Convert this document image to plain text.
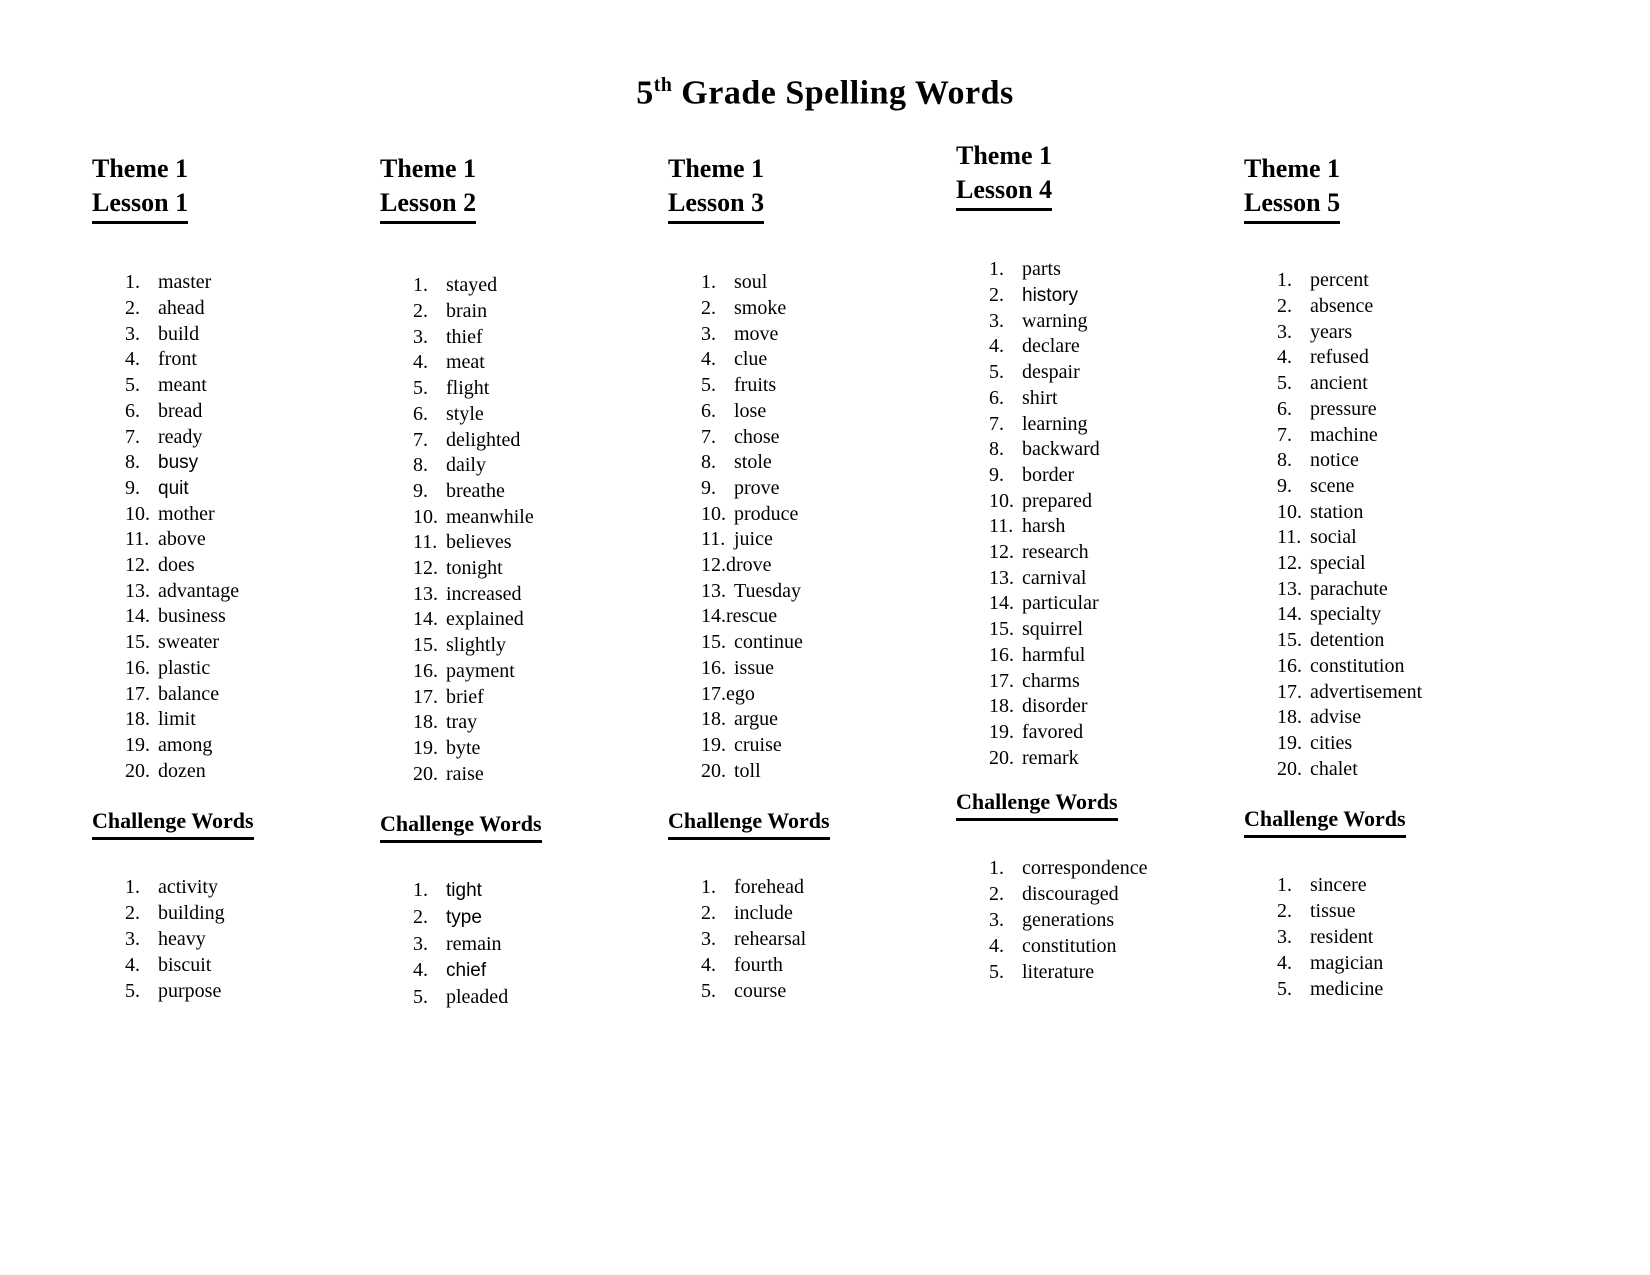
5th Grade Spelling Words
Theme 1
Lesson 1
1. master
2. ahead
3. build
4. front
5. meant
6. bread
7. ready
8. busy
9. quit
10. mother
11. above
12. does
13. advantage
14. business
15. sweater
16. plastic
17. balance
18. limit
19. among
20. dozen
Challenge Words
1. activity
2. building
3. heavy
4. biscuit
5. purpose
Theme 1
Lesson 2
1. stayed
2. brain
3. thief
4. meat
5. flight
6. style
7. delighted
8. daily
9. breathe
10. meanwhile
11. believes
12. tonight
13. increased
14. explained
15. slightly
16. payment
17. brief
18. tray
19. byte
20. raise
Challenge Words
1. tight
2. type
3. remain
4. chief
5. pleaded
Theme 1
Lesson 3
1. soul
2. smoke
3. move
4. clue
5. fruits
6. lose
7. chose
8. stole
9. prove
10. produce
11. juice
12.drove
13. Tuesday
14.rescue
15. continue
16. issue
17.ego
18. argue
19. cruise
20. toll
Challenge Words
1. forehead
2. include
3. rehearsal
4. fourth
5. course
Theme 1
Lesson 4
1. parts
2. history
3. warning
4. declare
5. despair
6. shirt
7. learning
8. backward
9. border
10. prepared
11. harsh
12. research
13. carnival
14. particular
15. squirrel
16. harmful
17. charms
18. disorder
19. favored
20. remark
Challenge Words
1. correspondence
2. discouraged
3. generations
4. constitution
5. literature
Theme 1
Lesson 5
1. percent
2. absence
3. years
4. refused
5. ancient
6. pressure
7. machine
8. notice
9. scene
10. station
11. social
12. special
13. parachute
14. specialty
15. detention
16. constitution
17. advertisement
18. advise
19. cities
20. chalet
Challenge Words
1. sincere
2. tissue
3. resident
4. magician
5. medicine
